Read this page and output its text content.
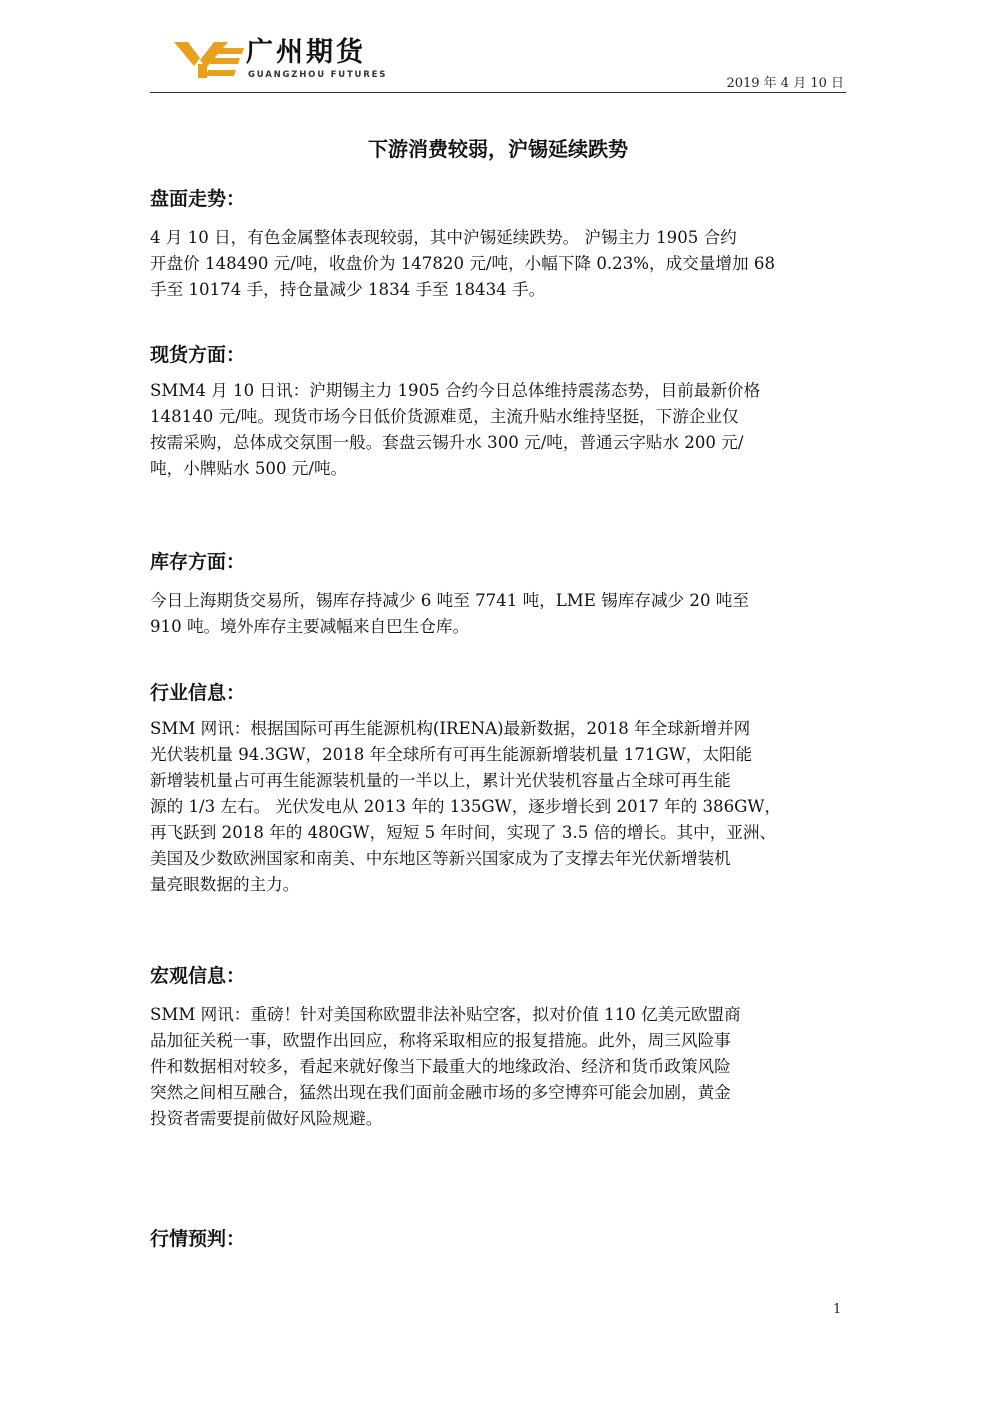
广州期货
GUANGZHOU FUTURES
2019 年 4 月 10 日
下游消费较弱，沪锡延续跌势
盘面走势：

4 月 10 日，有色金属整体表现较弱，其中沪锡延续跌势。 沪锡主力 1905 合约
开盘价 148490 元/吨，收盘价为 147820 元/吨，小幅下降 0.23%，成交量增加 68
手至 10174 手，持仓量减少 1834 手至 18434 手。

现货方面：

SMM4 月 10 日讯：沪期锡主力 1905 合约今日总体维持震荡态势，目前最新价格
148140 元/吨。现货市场今日低价货源难觅，主流升贴水维持坚挺，下游企业仅
按需采购，总体成交氛围一般。套盘云锡升水 300 元/吨，普通云字贴水 200 元/
吨，小牌贴水 500 元/吨。

库存方面：

今日上海期货交易所，锡库存持减少 6 吨至 7741 吨，LME 锡库存减少 20 吨至
910 吨。境外库存主要减幅来自巴生仓库。

行业信息：

SMM 网讯：根据国际可再生能源机构(IRENA)最新数据，2018 年全球新增并网
光伏装机量 94.3GW，2018 年全球所有可再生能源新增装机量 171GW，太阳能
新增装机量占可再生能源装机量的一半以上，累计光伏装机容量占全球可再生能
源的 1/3 左右。 光伏发电从 2013 年的 135GW，逐步增长到 2017 年的 386GW，
再飞跃到 2018 年的 480GW，短短 5 年时间，实现了 3.5 倍的增长。其中，亚洲、
美国及少数欧洲国家和南美、中东地区等新兴国家成为了支撑去年光伏新增装机
量亮眼数据的主力。

宏观信息：

SMM 网讯：重磅！针对美国称欧盟非法补贴空客，拟对价值 110 亿美元欧盟商
品加征关税一事，欧盟作出回应，称将采取相应的报复措施。此外，周三风险事
件和数据相对较多，看起来就好像当下最重大的地缘政治、经济和货币政策风险
突然之间相互融合，猛然出现在我们面前金融市场的多空博弈可能会加剧，黄金
投资者需要提前做好风险规避。

行情预判：
1
